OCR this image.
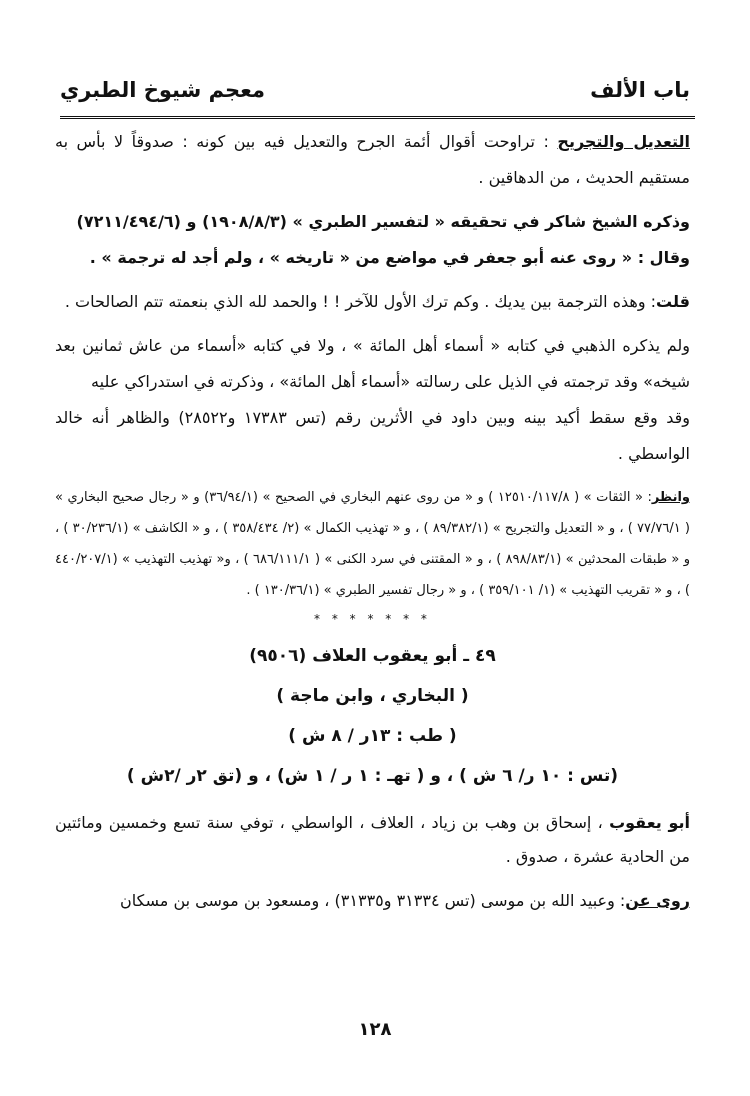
باب الألف
معجم شيوخ الطبري

التعديل والتجريح : تراوحت أقوال أئمة الجرح والتعديل فيه بين كونه : صدوقاً لا بأس به مستقيم الحديث ، من الدهاقين .

وذكره الشيخ شاكر في تحقيقه « لتفسير الطبري » (١٩٠٨/٨/٣) و (٧٢١١/٤٩٤/٦)

وقال : « روى عنه أبو جعفر في مواضع من « تاريخه » ، ولم أجد له ترجمة » .

قلت: وهذه الترجمة بين يديك . وكم ترك الأول للآخر ! ! والحمد لله الذي بنعمته تتم الصالحات .

ولم يذكره الذهبي في كتابه « أسماء أهل المائة » ، ولا في كتابه «أسماء من عاش ثمانين بعد شيخه» وقد ترجمته في الذيل على رسالته «أسماء أهل المائة» ، وذكرته في استدراكي عليه

وقد وقع سقط أكيد بينه وبين داود في الأثرين رقم (تس ١٧٣٨٣ و٢٨٥٢٢) والظاهر أنه خالد الواسطي .

وانظر: « الثقات » ( ١٢٥١٠/١١٧/٨ ) و « من روى عنهم البخاري في الصحيح » (٣٦/٩٤/١) و « رجال صحيح البخاري » ( ٧٧/٧٦/١ ) ، و « التعديل والتجريح » (٨٩/٣٨٢/١ ) ، و « تهذيب الكمال » (٢/ ٣٥٨/٤٣٤ ) ، و « الكاشف » (٣٠/٢٣٦/١ ) ، و « طبقات المحدثين » (٨٩٨/٨٣/١ ) ، و « المقتنى في سرد الكنى » ( ٦٨٦/١١١/١ ) ، و« تهذيب التهذيب » (٤٤٠/٢٠٧/١ ) ، و « تقريب التهذيب » (١/ ٣٥٩/١٠١ ) ، و « رجال تفسير الطبري » (١٣٠/٣٦/١ ) .

* * * * * * *
٤٩ ـ أبو يعقوب العلاف (٩٥٠٦)
( البخاري ، وابن ماجة )
( طب : ١٣ر / ٨ ش )
(تس : ١٠ ر/ ٦ ش ) ، و ( تهـ : ١ ر / ١ ش) ، و (تق ٢ر /٢ش )

أبو يعقوب ، إسحاق بن وهب بن زياد ، العلاف ، الواسطي ، توفي سنة تسع وخمسين ومائتين من الحادية عشرة ، صدوق .

روى عن: وعبيد الله بن موسى (تس ٣١٣٣٤ و٣١٣٣٥) ، ومسعود بن موسى بن مسكان

١٢٨
